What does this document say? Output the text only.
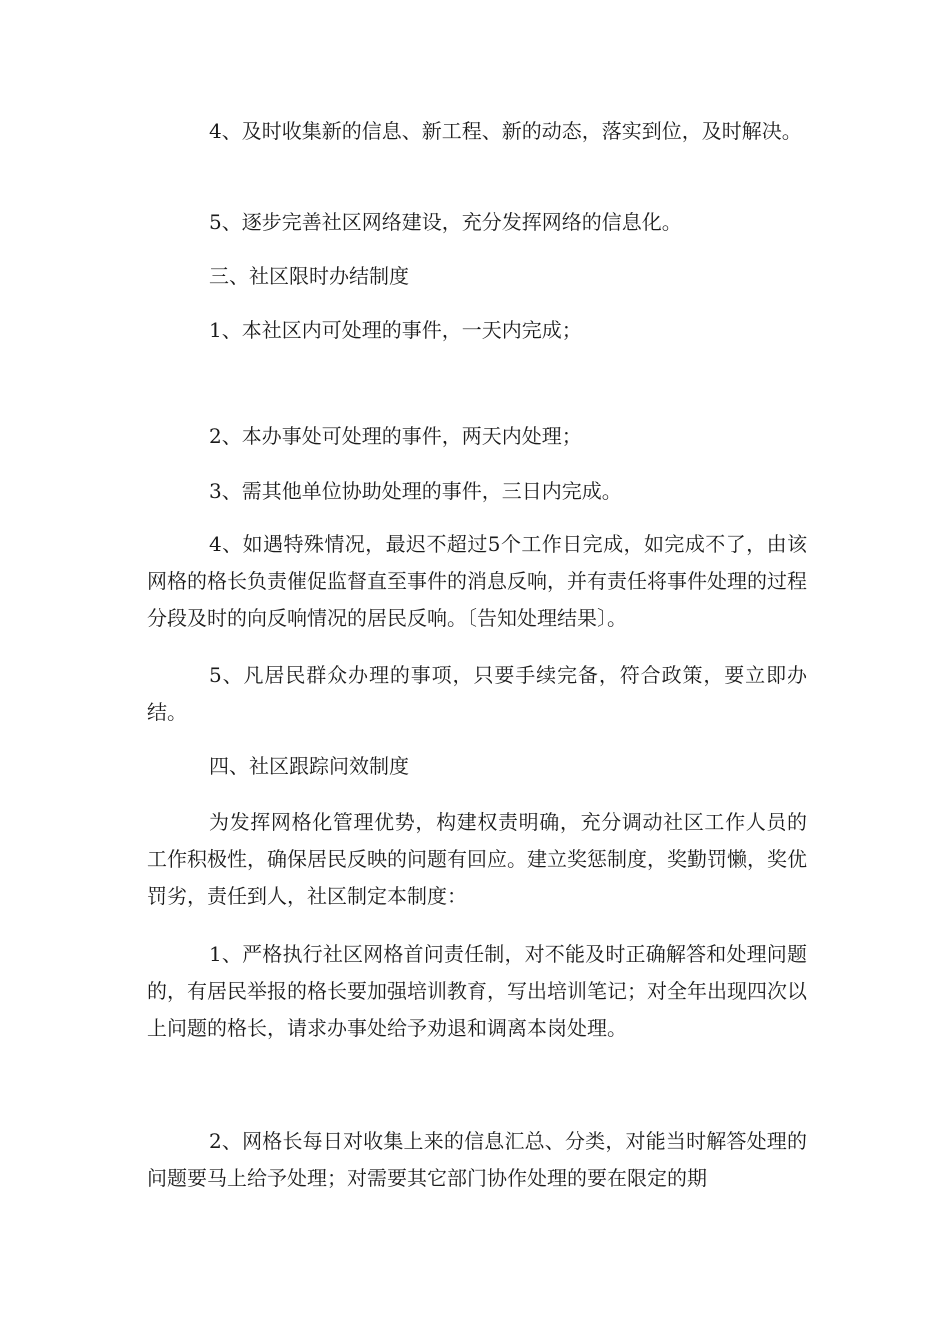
4、及时收集新的信息、新工程、新的动态，落实到位，及时解决。

5、逐步完善社区网络建设，充分发挥网络的信息化。

三、社区限时办结制度

1、本社区内可处理的事件，一天内完成；

2、本办事处可处理的事件，两天内处理；

3、需其他单位协助处理的事件，三日内完成。

4、如遇特殊情况，最迟不超过5个工作日完成，如完成不了，由该网格的格长负责催促监督直至事件的消息反响，并有责任将事件处理的过程分段及时的向反响情况的居民反响。〔告知处理结果〕。

5、凡居民群众办理的事项，只要手续完备，符合政策，要立即办结。

四、社区跟踪问效制度

为发挥网格化管理优势，构建权责明确，充分调动社区工作人员的工作积极性，确保居民反映的问题有回应。建立奖惩制度，奖勤罚懒，奖优罚劣，责任到人，社区制定本制度：

1、严格执行社区网格首问责任制，对不能及时正确解答和处理问题的，有居民举报的格长要加强培训教育，写出培训笔记；对全年出现四次以上问题的格长，请求办事处给予劝退和调离本岗处理。

2、网格长每日对收集上来的信息汇总、分类，对能当时解答处理的问题要马上给予处理；对需要其它部门协作处理的要在限定的期
